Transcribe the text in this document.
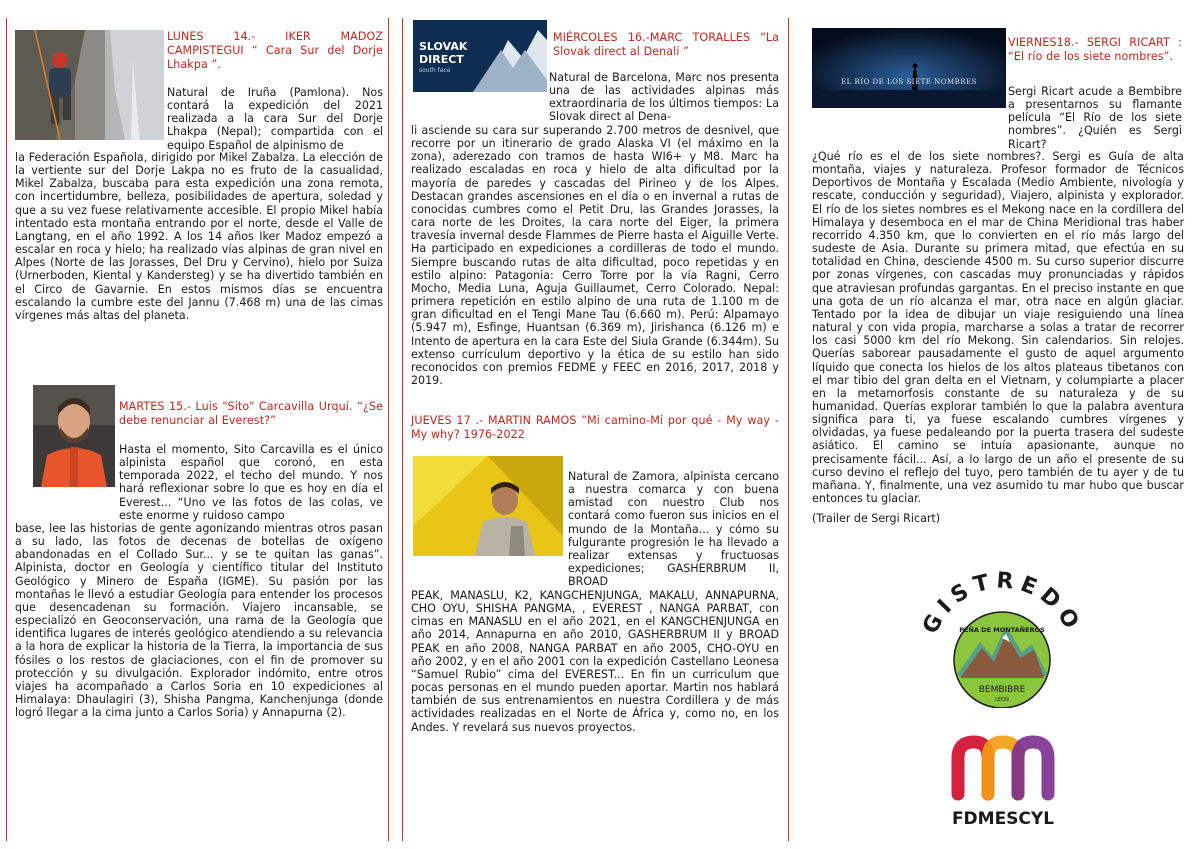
LUNES 14.- IKER MADOZ CAMPISTEGUI “ Cara Sur del Dorje Lhakpa ”.
Natural de Iruña (Pamlona). Nos contará la expedición del 2021 realizada a la cara Sur del Dorje Lhakpa (Nepal); compartida con el equipo Español de alpinismo de
la Federación Española, dirigido por Mikel Zabalza. La elección de la vertiente sur del Dorje Lakpa no es fruto de la casualidad, Mikel Zabalza, buscaba para esta expedición una zona remota, con incertidumbre, belleza, posibilidades de apertura, soledad y que a su vez fuese relativamente accesible. El propio Mikel había intentado esta montaña entrando por el norte, desde el Valle de Langtang, en el año 1992. A los 14 años Iker Madoz empezó a escalar en roca y hielo; ha realizado vías alpinas de gran nivel en Alpes (Norte de las Jorasses, Del Dru y Cervino), hielo por Suiza (Urnerboden, Kiental y Kandersteg) y se ha divertido también en el Circo de Gavarnie. En estos mismos días se encuentra escalando la cumbre este del Jannu (7.468 m) una de las cimas vírgenes más altas del planeta.
MARTES 15.- Luis "Sito" Carcavilla Urquí. “¿Se debe renunciar al Everest?”
Hasta el momento, Sito Carcavilla es el único alpinista español que coronó, en esta temporada 2022, el techo del mundo. Y nos hará reflexionar sobre lo que es hoy en día el Everest... “Uno ve las fotos de las colas, ve este enorme y ruidoso campo
base, lee las historias de gente agonizando mientras otros pasan a su lado, las fotos de decenas de botellas de oxígeno abandonadas en el Collado Sur... y se te quitan las ganas”. Alpinista, doctor en Geología y científico titular del Instituto Geológico y Minero de España (IGME). Su pasión por las montañas le llevó a estudiar Geología para entender los procesos que desencadenan su formación. Viajero incansable, se especializó en Geoconservación, una rama de la Geología que identifica lugares de interés geológico atendiendo a su relevancia a la hora de explicar la historia de la Tierra, la importancia de sus fósiles o los restos de glaciaciones, con el fin de promover su protección y su divulgación. Explorador indómito, entre otros viajes ha acompañado a Carlos Soria en 10 expediciones al Himalaya: Dhaulagiri (3), Shisha Pangma, Kanchenjunga (donde logró llegar a la cima junto a Carlos Soria) y Annapurna (2).
SLOVAK
DIRECT
south face
MIÉRCOLES 16.-MARC TORALLES “La Slovak direct al Denali ”
Natural de Barcelona, Marc nos presenta una de las actividades alpinas más extraordinaria de los últimos tiempos: La Slovak direct al Dena-
li asciende su cara sur superando 2.700 metros de desnivel, que recorre por un itinerario de grado Alaska VI (el máximo en la zona), aderezado con tramos de hasta WI6+ y M8. Marc ha realizado escaladas en roca y hielo de alta dificultad por la mayoría de paredes y cascadas del Pirineo y de los Alpes. Destacan grandes ascensiones en el día o en invernal a rutas de conocidas cumbres como el Petit Dru, las Grandes Jorasses, la cara norte de les Droites, la cara norte del Eiger, la primera travesía invernal desde Flammes de Pierre hasta el Aiguille Verte. Ha participado en expediciones a cordilleras de todo el mundo. Siempre buscando rutas de alta dificultad, poco repetidas y en estilo alpino: Patagonia: Cerro Torre por la vía Ragni, Cerro Mocho, Media Luna, Aguja Guillaumet, Cerro Colorado. Nepal: primera repetición en estilo alpino de una ruta de 1.100 m de gran dificultad en el Tengi Mane Tau (6.660 m). Perú: Alpamayo (5.947 m), Esfinge, Huantsan (6.369 m), Jirishanca (6.126 m) e Intento de apertura en la cara Este del Siula Grande (6.344m). Su extenso currículum deportivo y la ética de su estilo han sido reconocidos con premios FEDME y FEEC en 2016, 2017, 2018 y 2019.
JUEVES 17 .- MARTIN RAMOS ”Mi camino-Mi por qué - My way - My why? 1976-2022
Natural de Zamora, alpinista cercano a nuestra comarca y con buena amistad con nuestro Club nos contará como fueron sus inicios en el mundo de la Montaña... y cómo su fulgurante progresión le ha llevado a realizar extensas y fructuosas expediciones; GASHERBRUM II, BROAD
PEAK, MANASLU, K2, KANGCHENJUNGA, MAKALU, ANNAPURNA, CHO OYU, SHISHA PANGMA, , EVEREST , NANGA PARBAT, con cimas en MANASLU en el año 2021, en el KANGCHENJUNGA en año 2014, Annapurna en año 2010, GASHERBRUM II y BROAD PEAK en año 2008, NANGA PARBAT en año 2005, CHO-OYU en año 2002, y en el año 2001 con la expedición Castellano Leonesa “Samuel Rubio” cima del EVEREST... En fin un curriculum que pocas personas en el mundo pueden aportar. Martin nos hablará también de sus entrenamientos en nuestra Cordillera y de más actividades realizadas en el Norte de África y, como no, en los Andes. Y revelará sus nuevos proyectos.
EL RÍO DE LOS SIETE NOMBRES
VIERNES18.- SERGI RICART : “El río de los siete nombres”.
Sergi Ricart acude a Bembibre a presentarnos su flamante película “El Río de los siete nombres”. ¿Quién es Sergi Ricart?
¿Qué río es el de los siete nombres?. Sergi es Guía de alta montaña, viajes y naturaleza. Profesor formador de Técnicos Deportivos de Montaña y Escalada (Medio Ambiente, nivología y rescate, conducción y seguridad), Viajero, alpinista y explorador. El río de los sietes nombres es el Mekong nace en la cordillera del Himalaya y desemboca en el mar de China Meridional tras haber recorrido 4.350 km, que lo convierten en el río más largo del sudeste de Asia. Durante su primera mitad, que efectúa en su totalidad en China, desciende 4500 m. Su curso superior discurre por zonas vírgenes, con cascadas muy pronunciadas y rápidos que atraviesan profundas gargantas. En el preciso instante en que una gota de un río alcanza el mar, otra nace en algún glaciar. Tentado por la idea de dibujar un viaje resiguiendo una línea natural y con vida propia, marcharse a solas a tratar de recorrer los casi 5000 km del río Mekong. Sin calendarios. Sin relojes. Querías saborear pausadamente el gusto de aquel argumento líquido que conecta los hielos de los altos plateaus tibetanos con el mar tibio del gran delta en el Vietnam, y columpiarte a placer en la metamorfosis constante de su naturaleza y de su humanidad. Querías explorar también lo que la palabra aventura significa para ti, ya fuese escalando cumbres vírgenes y olvidadas, ya fuese pedaleando por la puerta trasera del sudeste asiático. El camino se intuía apasionante, aunque no precisamente fácil... Así, a lo largo de un año el presente de su curso devino el reflejo del tuyo, pero también de tu ayer y de tu mañana. Y, finalmente, una vez asumido tu mar hubo que buscar entonces tu glaciar.
(Trailer de Sergi Ricart)
GISTREDO
PEÑA DE MONTAÑEROS
BEMBIBRE
LEÓN
FDMESCYL
